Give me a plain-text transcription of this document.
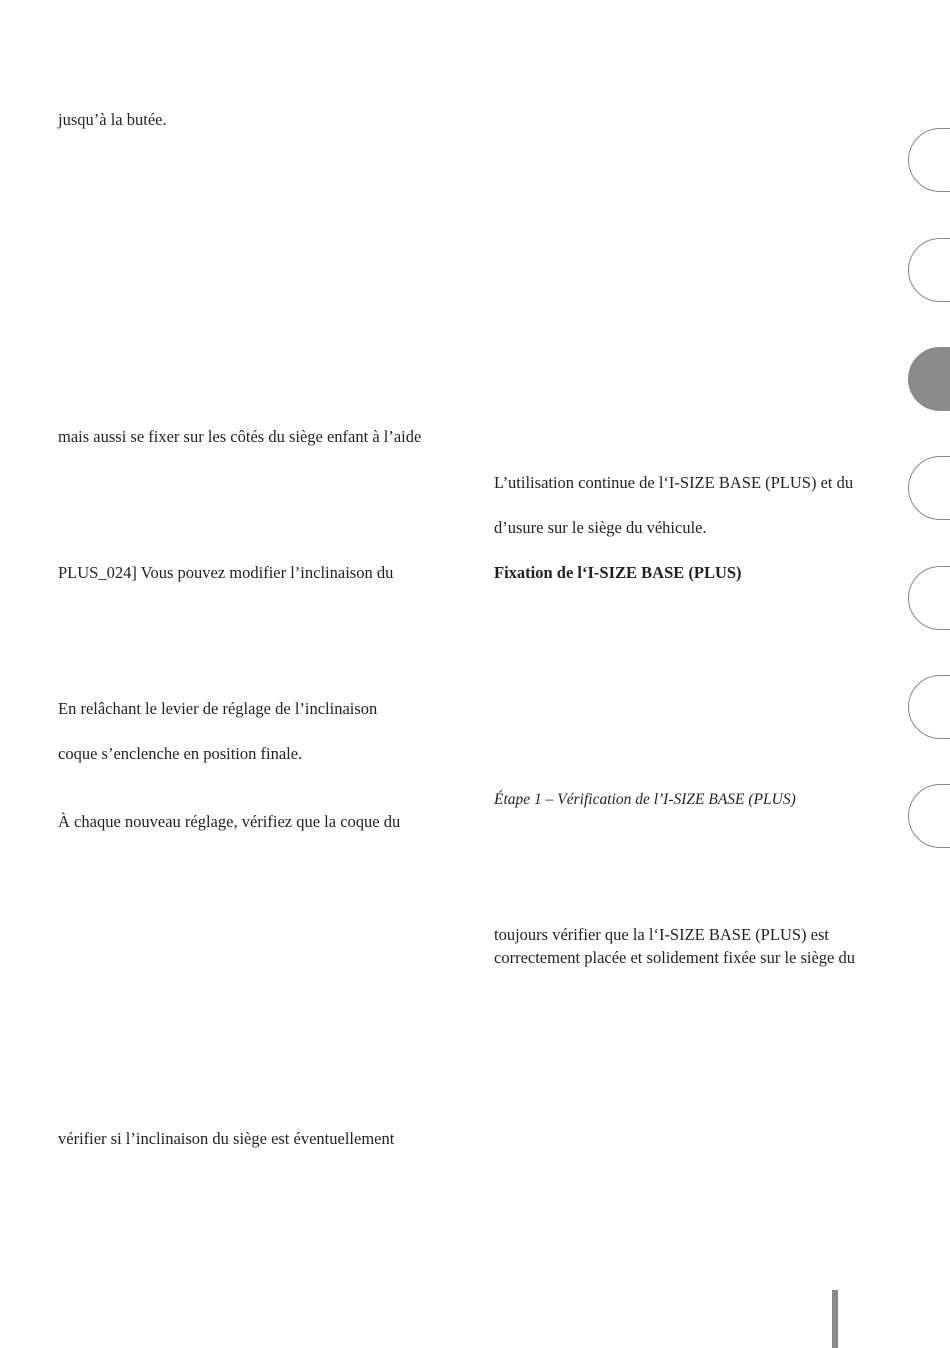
jusqu’à la butée.
mais aussi se fixer sur les côtés du siège enfant à l’aide
PLUS_024] Vous pouvez modifier l’inclinaison du
En relâchant le levier de réglage de l’inclinaison
coque s’enclenche en position finale.
À chaque nouveau réglage, vérifiez que la coque du
vérifier si l’inclinaison du siège est éventuellement
L’utilisation continue de l‘I-SIZE BASE (PLUS) et du
d’usure sur le siège du véhicule.
Fixation de l‘I-SIZE BASE (PLUS)
Étape 1 – Vérification de l’I-SIZE BASE (PLUS)
toujours vérifier que la l‘I-SIZE BASE (PLUS) est
correctement placée et solidement fixée sur le siège du
